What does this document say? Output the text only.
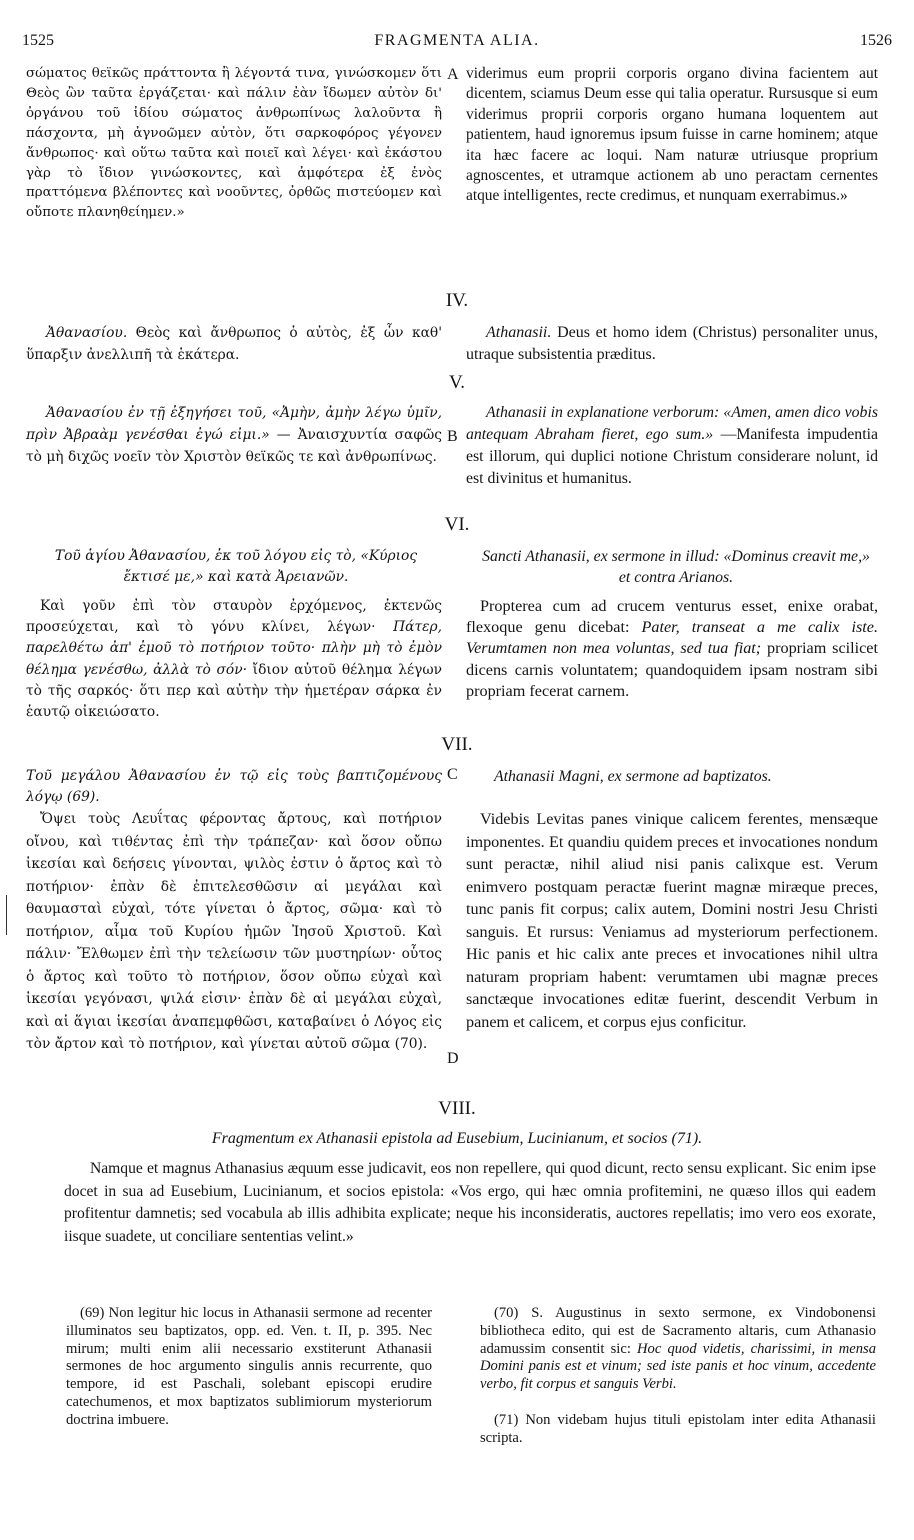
1525	FRAGMENTA ALIA.	1526
σώματος θεϊκῶς πράττοντα ἢ λέγοντά τινα, γινώσκομεν ὅτι Θεὸς ὢν ταῦτα ἐργάζεται· καὶ πάλιν ἐὰν ἴδωμεν αὐτὸν δι' ὀργάνου τοῦ ἰδίου σώματος ἀνθρωπίνως λαλοῦντα ἢ πάσχοντα, μὴ ἀγνοῶμεν αὐτὸν, ὅτι σαρκοφόρος γέγονεν ἄνθρωπος· καὶ οὕτω ταῦτα καὶ ποιεῖ καὶ λέγει· καὶ ἑκάστου γὰρ τὸ ἴδιον γινώσκοντες, καὶ ἀμφότερα ἐξ ἑνὸς πραττόμενα βλέποντες καὶ νοοῦντες, ὀρθῶς πιστεύομεν καὶ οὔποτε πλανηθείημεν.»
A viderimus eum proprii corporis organo divina facientem aut dicentem, sciamus Deum esse qui talia operatur. Rursusque si eum viderimus proprii corporis organo humana loquentem aut patientem, haud ignoremus ipsum fuisse in carne hominem; atque ita hæc facere ac loqui. Nam naturæ utriusque proprium agnoscentes, et utramque actionem ab uno peractam cernentes atque intelligentes, recte credimus, et nunquam exerrabimus.»
IV.
Ἀθανασίου. Θεὸς καὶ ἄνθρωπος ὁ αὐτὸς, ἐξ ὧν καθ' ὕπαρξιν ἀνελλιπῆ τὰ ἑκάτερα.
Athanasii. Deus et homo idem (Christus) personaliter unus, utraque subsistentia præditus.
V.
Ἀθανασίου ἐν τῇ ἐξηγήσει τοῦ, «Ἀμὴν, ἀμὴν λέγω ὑμῖν, πρὶν Ἀβραὰμ γενέσθαι ἐγώ εἰμι.» — Ἀναισχυντία σαφῶς τὸ μὴ διχῶς νοεῖν τὸν Χριστὸν θεϊκῶς τε καὶ ἀνθρωπίνως.
B
Athanasii in explanatione verborum: «Amen, amen dico vobis antequam Abraham fieret, ego sum.» —Manifesta impudentia est illorum, qui duplici notione Christum considerare nolunt, id est divinitus et humanitus.
VI.
Τοῦ ἁγίου Ἀθανασίου, ἐκ τοῦ λόγου εἰς τὸ, «Κύριος ἔκτισέ με,» καὶ κατὰ Ἀρειανῶν.
Sancti Athanasii, ex sermone in illud: «Dominus creavit me,» et contra Arianos.
Καὶ γοῦν ἐπὶ τὸν σταυρὸν ἐρχόμενος, ἐκτενῶς προσεύχεται, καὶ τὸ γόνυ κλίνει, λέγων· Πάτερ, παρελθέτω ἀπ' ἐμοῦ τὸ ποτήριον τοῦτο· πλὴν μὴ τὸ ἐμὸν θέλημα γενέσθω, ἀλλὰ τὸ σόν· ἴδιον αὐτοῦ θέλημα λέγων τὸ τῆς σαρκός· ὅτι περ καὶ αὐτὴν τὴν ἡμετέραν σάρκα ἐν ἑαυτῷ οἰκειώσατο.
Propterea cum ad crucem venturus esset, enixe orabat, flexoque genu dicebat: Pater, transeat a me calix iste. Verumtamen non mea voluntas, sed tua fiat; propriam scilicet dicens carnis voluntatem; quandoquidem ipsam nostram sibi propriam fecerat carnem.
VII.
Τοῦ μεγάλου Ἀθανασίου ἐν τῷ εἰς τοὺς βαπτιζομένους λόγῳ (69).
C Athanasii Magni, ex sermone ad baptizatos.
Ὄψει τοὺς Λευΐτας φέροντας ἄρτους, καὶ ποτήριον οἴνου, καὶ τιθέντας ἐπὶ τὴν τράπεζαν· καὶ ὅσον οὔπω ἱκεσίαι καὶ δεήσεις γίνονται, ψιλὸς ἐστιν ὁ ἄρτος καὶ τὸ ποτήριον· ἐπὰν δὲ ἐπιτελεσθῶσιν αἱ μεγάλαι καὶ θαυμασταὶ εὐχαὶ, τότε γίνεται ὁ ἄρτος, σῶμα· καὶ τὸ ποτήριον, αἷμα τοῦ Κυρίου ἡμῶν Ἰησοῦ Χριστοῦ. Καὶ πάλιν· Ἔλθωμεν ἐπὶ τὴν τελείωσιν τῶν μυστηρίων· οὗτος ὁ ἄρτος καὶ τοῦτο τὸ ποτήριον, ὅσον οὔπω εὐχαὶ καὶ ἱκεσίαι γεγόνασι, ψιλά εἰσιν· ἐπὰν δὲ αἱ μεγάλαι εὐχαὶ, καὶ αἱ ἅγιαι ἱκεσίαι ἀναπεμφθῶσι, καταβαίνει ὁ Λόγος εἰς τὸν ἄρτον καὶ τὸ ποτήριον, καὶ γίνεται αὐτοῦ σῶμα (70).
Videbis Levitas panes vinique calicem ferentes, mensæque imponentes. Et quandiu quidem preces et invocationes nondum sunt peractæ, nihil aliud nisi panis calixque est. Verum enimvero postquam peractæ fuerint magnæ miræque preces, tunc panis fit corpus; calix autem, Domini nostri Jesu Christi sanguis. Et rursus: Veniamus ad mysteriorum perfectionem. Hic panis et hic calix ante preces et invocationes nihil ultra naturam propriam habent: verumtamen ubi magnæ preces sanctæque invocationes editæ fuerint, descendit Verbum in panem et calicem, et corpus ejus conficitur.
D
VIII.
Fragmentum ex Athanasii epistola ad Eusebium, Lucinianum, et socios (71).
Namque et magnus Athanasius æquum esse judicavit, eos non repellere, qui quod dicunt, recto sensu explicant. Sic enim ipse docet in sua ad Eusebium, Lucinianum, et socios epistola: «Vos ergo, qui hæc omnia profitemini, ne quæso illos qui eadem profitentur damnetis; sed vocabula ab illis adhibita explicate; neque his inconsideratis, auctores repellatis; imo vero eos exorate, iisque suadete, ut conciliare sententias velint.»
(69) Non legitur hic locus in Athanasii sermone ad recenter illuminatos seu baptizatos, opp. ed. Ven. t. II, p. 395. Nec mirum; multi enim alii necessario exstiterunt Athanasii sermones de hoc argumento singulis annis recurrente, quo tempore, id est Paschali, solebant episcopi erudire catechumenos, et mox baptizatos sublimiorum mysteriorum doctrina imbuere.
(70) S. Augustinus in sexto sermone, ex Vindobonensi bibliotheca edito, qui est de Sacramento altaris, cum Athanasio adamussim consentit sic: Hoc quod videtis, charissimi, in mensa Domini panis est et vinum; sed iste panis et hoc vinum, accedente verbo, fit corpus et sanguis Verbi.
(71) Non videbam hujus tituli epistolam inter edita Athanasii scripta.
